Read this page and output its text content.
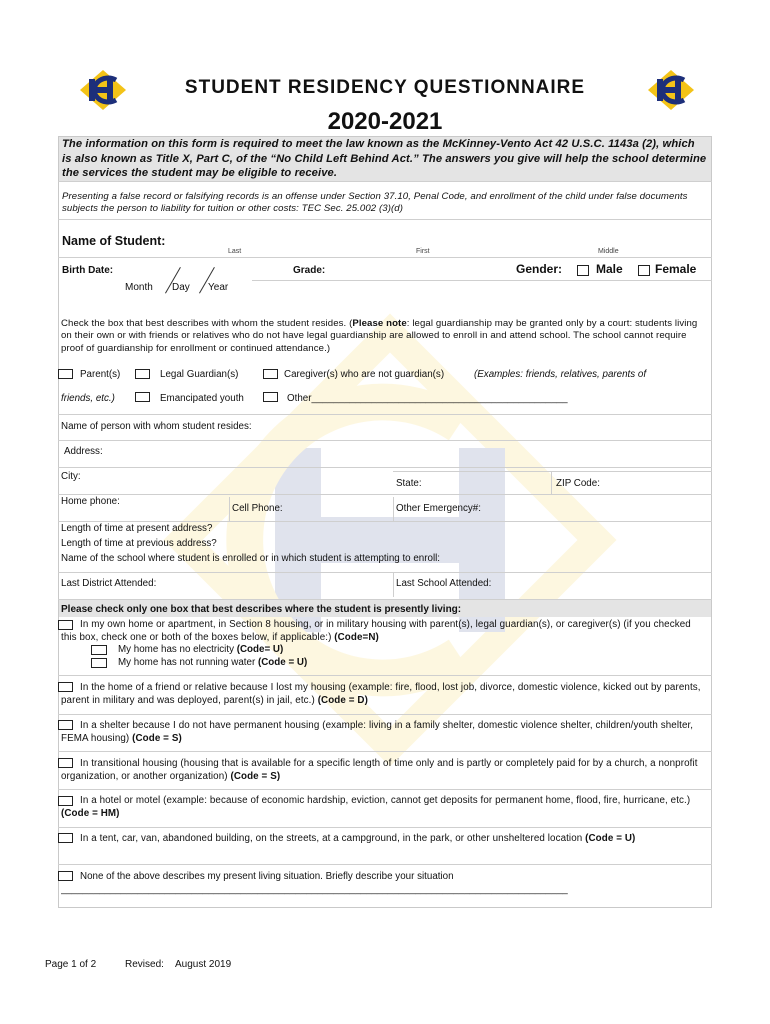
STUDENT RESIDENCY QUESTIONNAIRE
2020-2021
The information on this form is required to meet the law known as the McKinney-Vento Act 42 U.S.C. 1143a (2), which is also known as Title X, Part C, of the “No Child Left Behind Act.” The answers you give will help the school determine the services the student may be eligible to receive.
Presenting a false record or falsifying records is an offense under Section 37.10, Penal Code, and enrollment of the child under false documents subjects the person to liability for tuition or other costs: TEC Sec. 25.002 (3)(d)
Name of Student:
Last	First	Middle
Birth Date:
Month Day Year
Grade:	Gender:	Male	Female
Check the box that best describes with whom the student resides. (Please note: legal guardianship may be granted only by a court: students living on their own or with friends or relatives who do not have legal guardianship are allowed to enroll in and attend school. The school cannot require proof of guardianship for enrollment or continued attendance.)
Parent(s)	Legal Guardian(s)	Caregiver(s) who are not guardian(s)	(Examples: friends, relatives, parents of
friends, etc.)	Emancipated youth	Other_______________________________________________
Name of person with whom student resides:
Address:
City:
State:	ZIP Code:
Home phone:
Cell Phone:	Other Emergency#:
Length of time at present address?
Length of time at previous address?
Name of the school where student is enrolled or in which student is attempting to enroll:
Last District Attended:	Last School Attended:
Please check only one box that best describes where the student is presently living:
In my own home or apartment, in Section 8 housing, or in military housing with parent(s), legal guardian(s), or caregiver(s) (if you checked this box, check one or both of the boxes below, if applicable:) (Code=N)
My home has no electricity (Code= U)
My home has not running water (Code = U)
In the home of a friend or relative because I lost my housing (example: fire, flood, lost job, divorce, domestic violence, kicked out by parents, parent in military and was deployed, parent(s) in jail, etc.) (Code = D)
In a shelter because I do not have permanent housing (example: living in a family shelter, domestic violence shelter, children/youth shelter, FEMA housing) (Code = S)
In transitional housing (housing that is available for a specific length of time only and is partly or completely paid for by a church, a nonprofit organization, or another organization) (Code = S)
In a hotel or motel (example: because of economic hardship, eviction, cannot get deposits for permanent home, flood, fire, hurricane, etc.) (Code = HM)
In a tent, car, van, abandoned building, on the streets, at a campground, in the park, or other unsheltered location (Code = U)
None of the above describes my present living situation. Briefly describe your situation
_____________________________________________________________________________________________
Page 1 of 2	Revised: August 2019
